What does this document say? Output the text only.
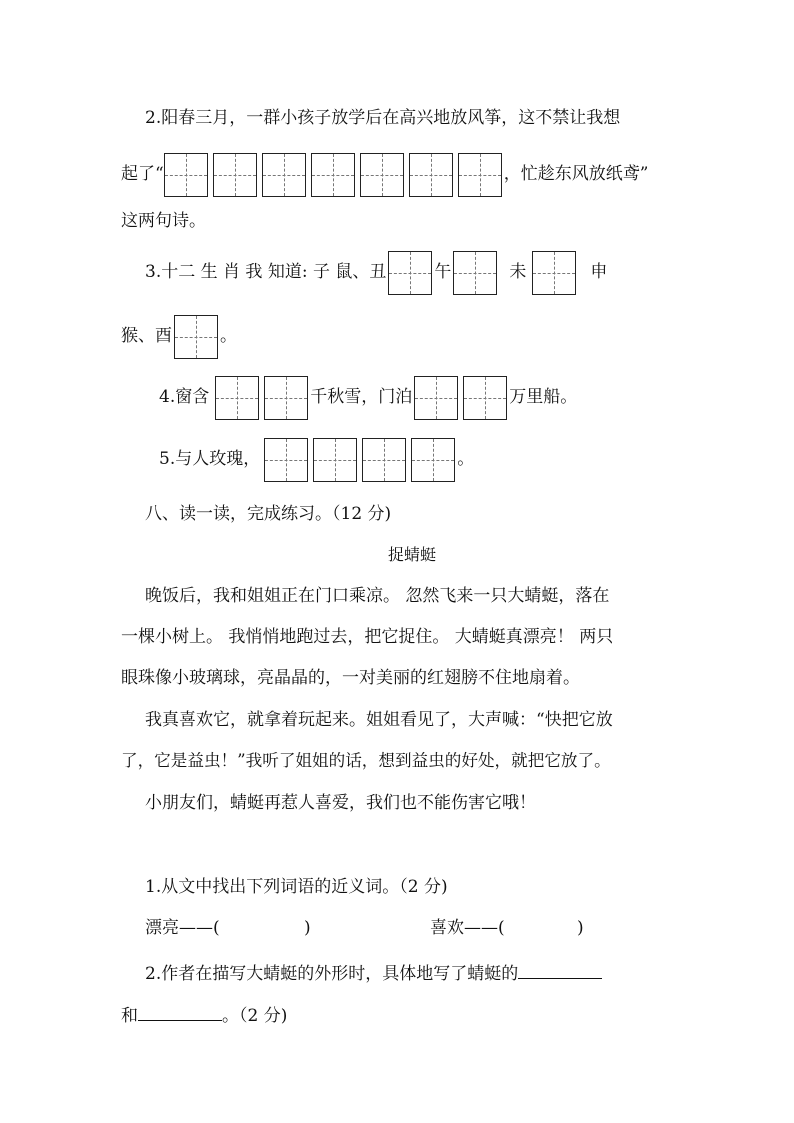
2.阳春三月，一群小孩子放学后在高兴地放风筝，这不禁让我想
起了“	，忙趁东风放纸鸢”
这两句诗。
3.十二 生 肖 我 知道: 子 鼠、丑	午	未	申
猴、酉	。
4.窗含	千秋雪，门泊	万里船。
5.与人玫瑰，	。
八、读一读，完成练习。（12 分)
捉蜻蜓
晚饭后，我和姐姐正在门口乘凉。 忽然飞来一只大蜻蜓，落在
一棵小树上。 我悄悄地跑过去，把它捉住。 大蜻蜓真漂亮！ 两只
眼珠像小玻璃球，亮晶晶的，一对美丽的红翅膀不住地扇着。
我真喜欢它，就拿着玩起来。姐姐看见了，大声喊：“快把它放
了，它是益虫！”我听了姐姐的话，想到益虫的好处，就把它放了。
小朋友们，蜻蜓再惹人喜爱，我们也不能伤害它哦！
1.从文中找出下列词语的近义词。（2 分)
漂亮——(	)	喜欢——(	)
2.作者在描写大蜻蜓的外形时，具体地写了蜻蜓的
和	。（2 分)
